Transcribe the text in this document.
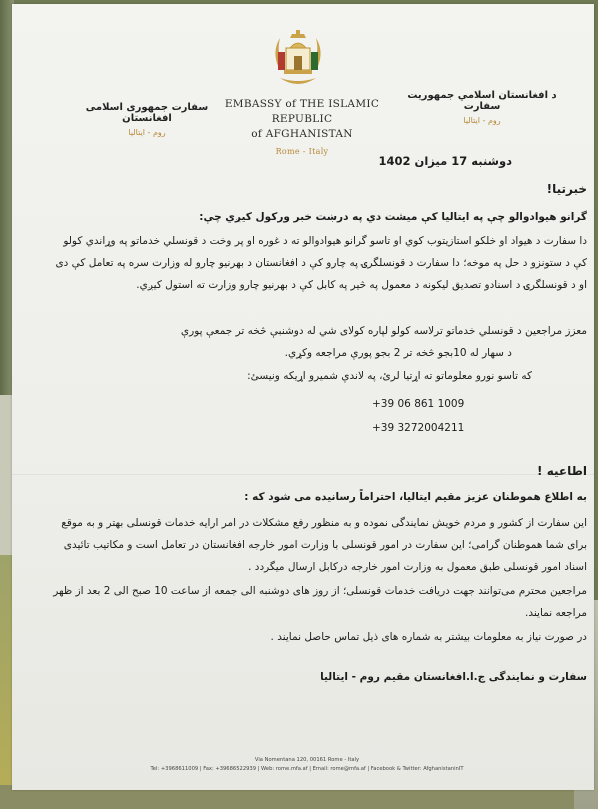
EMBASSY of THE ISLAMIC REPUBLIC
of AFGHANISTAN
Rome - Italy
د افغانستان اسلامي جمهوريت سفارت
روم - ايتاليا
سفارت جمهوری اسلامی افغانستان
روم - ايتاليا
دوشنبه 17 میزان 1402
خبرتيا!
گرانو هيوادوالو چې په ايتاليا کې ميشت دي په درښت خبر ورکول کيږي چې:
دا سفارت د هيواد او خلکو استازيتوب کوي او تاسو گرانو هيوادوالو ته د غوره او پر وخت د قونسلي خدماتو په وړاندي کولو کې د ستونزو د حل په موخه؛ دا سفارت د قونسلگرۍ په چارو کې د افغانستان د بهرنيو چارو له وزارت سره په تعامل کې دی او د قونسلگرۍ د اسنادو تصديق ليکونه د معمول په څير په کابل کې د بهرنيو چارو وزارت ته استول کيږي.
معزز مراجعين د قونسلي خدماتو ترلاسه کولو لپاره کولای شي له دوشنبې څخه تر جمعې پورې
د سهار له 10بجو څخه تر 2 بجو پورې مراجعه وکړي.
که تاسو نورو معلوماتو ته اړتيا لرئ، په لاندې شميرو اړيکه ونيسئ:
+39 06 861 1009
+39 3272004211
اطاعیه !
به اطلاع هموطنان عزیز مقیم ایتالیا، احتراماً رسانیده می شود که :
این سفارت از کشور و مردم خویش نمایندگی نموده و به منظور رفع مشکلات در امر ارایه خدمات قونسلی بهتر و به موقع برای شما هموطنان گرامی؛ این سفارت در امور قونسلی با وزارت امور خارجه افغانستان در تعامل است و مکاتیب تائیدی اسناد امور قونسلی طبق معمول به وزارت امور خارجه درکابل ارسال میگردد .
مراجعین محترم می‌توانند جهت دریافت خدمات قونسلی؛ از روز های دوشنبه الی جمعه از ساعت 10 صبح الی 2 بعد از ظهر مراجعه نمایند.
در صورت نیاز به معلومات بیشتر به شماره های ذیل تماس حاصل نمایند .
سفارت و نمایندگی ج.ا.افغانستان مقیم روم - ایتالیا
Via Nomentana 120, 00161 Rome - Italy
Tel: +3968611009 | Fax: +39686522939 | Web: rome.mfa.af | Email: rome@mfa.af | Facebook & Twitter: AfghanistaninIT
